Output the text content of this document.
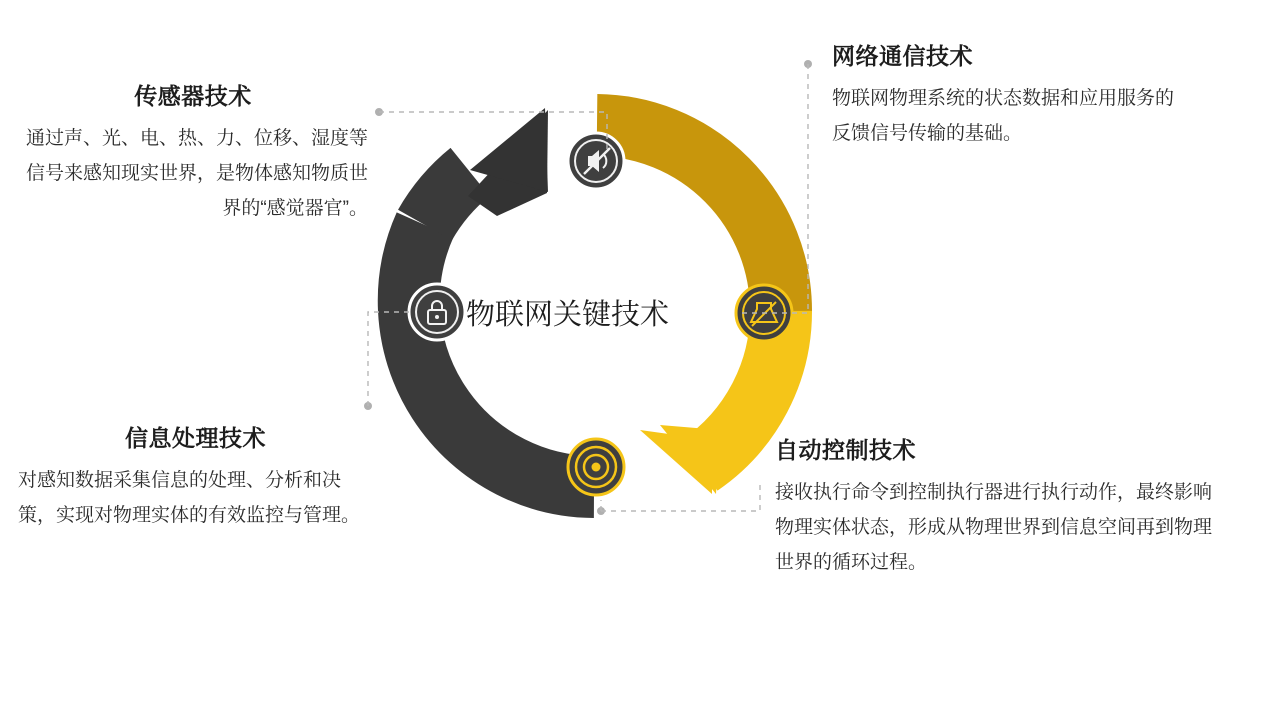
物联网关键技术
传感器技术
通过声、光、电、热、力、位移、湿度等信号来感知现实世界，是物体感知物质世界的“感觉器官”。
网络通信技术
物联网物理系统的状态数据和应用服务的反馈信号传输的基础。
信息处理技术
对感知数据采集信息的处理、分析和决策，实现对物理实体的有效监控与管理。
自动控制技术
接收执行命令到控制执行器进行执行动作，最终影响物理实体状态，形成从物理世界到信息空间再到物理世界的循环过程。
